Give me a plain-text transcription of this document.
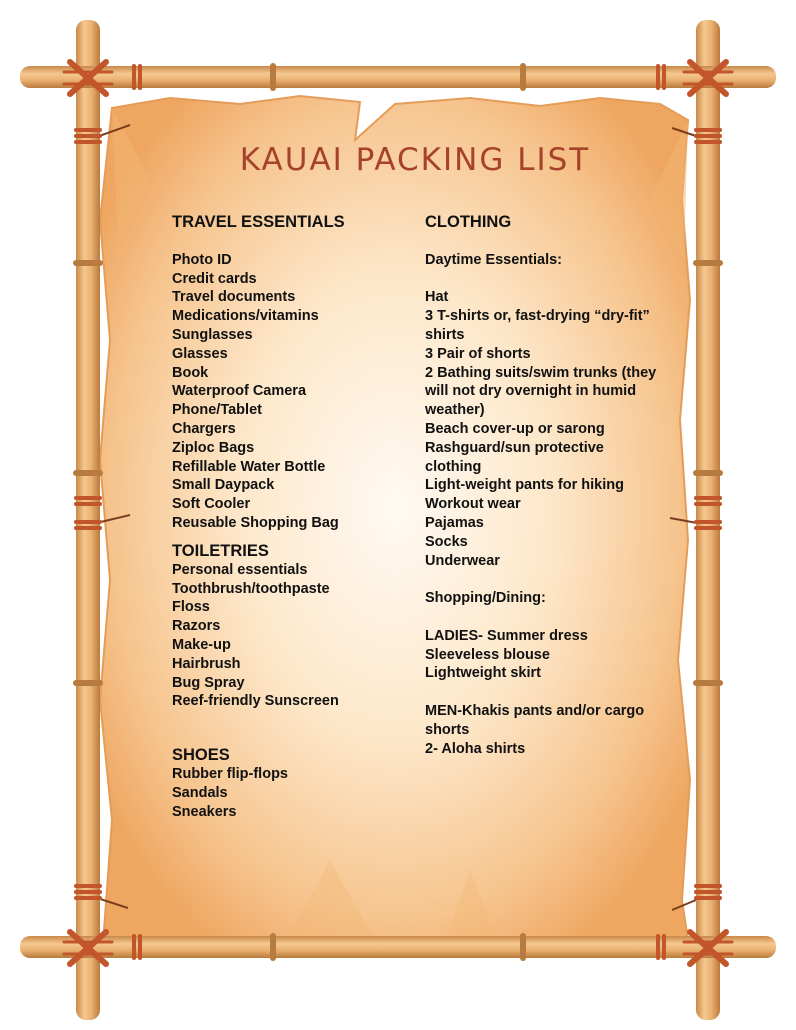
KAUAI PACKING LIST
TRAVEL ESSENTIALS
Photo ID
Credit cards
Travel documents
Medications/vitamins
Sunglasses
Glasses
Book
Waterproof Camera
Phone/Tablet
Chargers
Ziploc Bags
Refillable Water Bottle
Small Daypack
Soft Cooler
Reusable Shopping Bag
TOILETRIES
Personal essentials
Toothbrush/toothpaste
Floss
Razors
Make-up
Hairbrush
Bug Spray
Reef-friendly Sunscreen
SHOES
Rubber flip-flops
Sandals
Sneakers
CLOTHING
Daytime Essentials:
Hat
3 T-shirts or, fast-drying “dry-fit” shirts
3 Pair of shorts
2 Bathing suits/swim trunks (they will not dry overnight in humid weather)
Beach cover-up or sarong
Rashguard/sun protective clothing
Light-weight pants for hiking
Workout wear
Pajamas
Socks
Underwear
Shopping/Dining:
LADIES- Summer dress
Sleeveless blouse
Lightweight skirt
MEN-Khakis pants and/or cargo shorts
2- Aloha shirts
